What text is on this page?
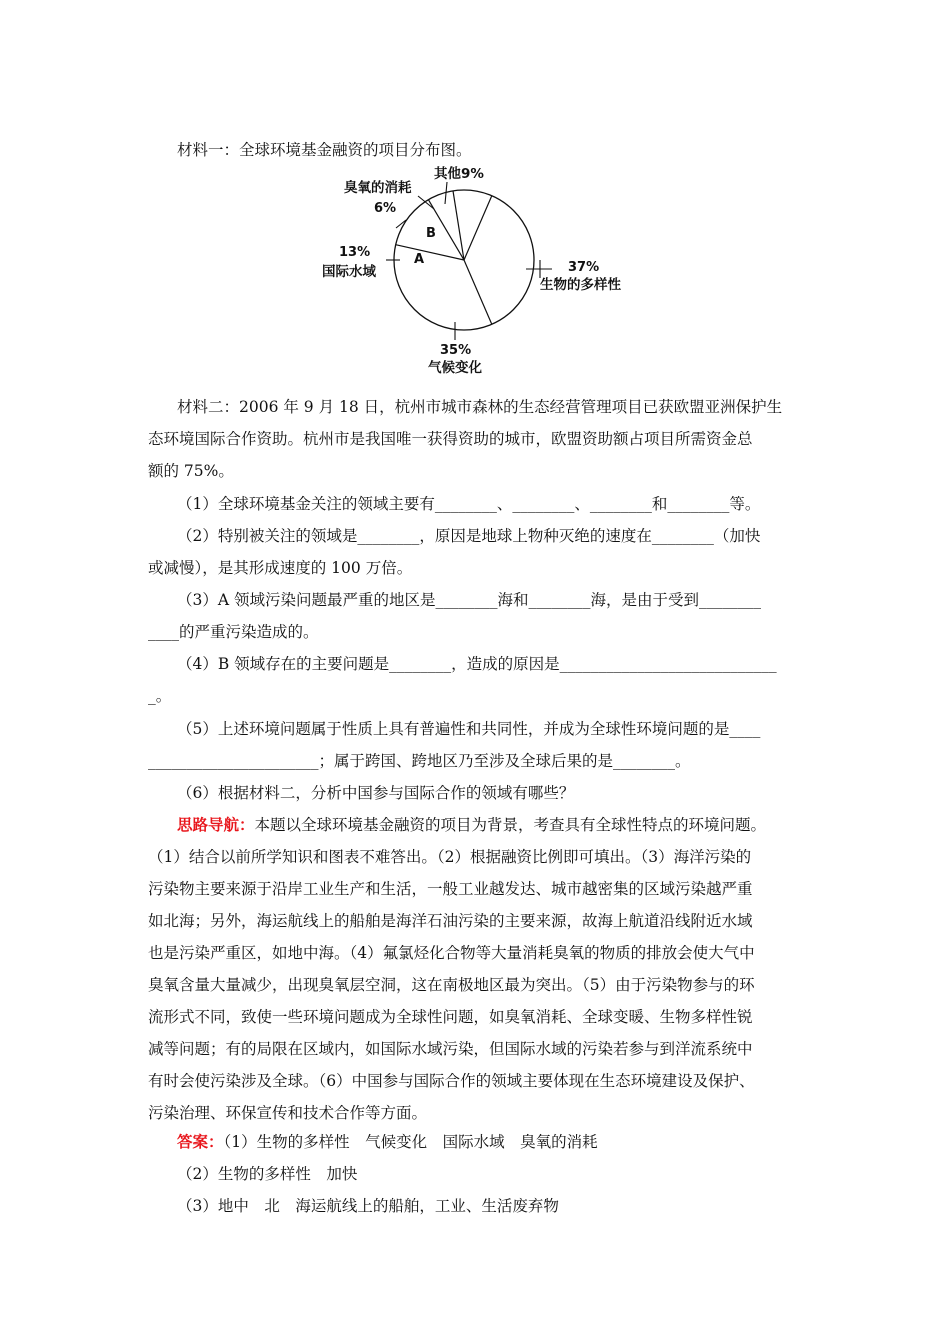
材料一：全球环境基金融资的项目分布图。
臭氧的消耗
其他9%
6%
13%
国际水域	37%
生物的多样性
35%
气候变化
B
A
材料二：2006 年 9 月 18 日，杭州市城市森林的生态经营管理项目已获欧盟亚洲保护生
态环境国际合作资助。杭州市是我国唯一获得资助的城市，欧盟资助额占项目所需资金总
额的 75%。
（1）全球环境基金关注的领域主要有________、________、________和________等。
（2）特别被关注的领域是________，原因是地球上物种灭绝的速度在________（加快
或减慢），是其形成速度的 100 万倍。
（3）A 领域污染问题最严重的地区是________海和________海，是由于受到________
____的严重污染造成的。
（4）B 领域存在的主要问题是________，造成的原因是____________________________
_。
（5）上述环境问题属于性质上具有普遍性和共同性，并成为全球性环境问题的是____
______________________；属于跨国、跨地区乃至涉及全球后果的是________。
（6）根据材料二，分析中国参与国际合作的领域有哪些？
思路导航：本题以全球环境基金融资的项目为背景，考查具有全球性特点的环境问题。
（1）结合以前所学知识和图表不难答出。（2）根据融资比例即可填出。（3）海洋污染的
污染物主要来源于沿岸工业生产和生活，一般工业越发达、城市越密集的区域污染越严重
如北海；另外，海运航线上的船舶是海洋石油污染的主要来源，故海上航道沿线附近水域
也是污染严重区，如地中海。（4）氟氯烃化合物等大量消耗臭氧的物质的排放会使大气中
臭氧含量大量减少，出现臭氧层空洞，这在南极地区最为突出。（5）由于污染物参与的环
流形式不同，致使一些环境问题成为全球性问题，如臭氧消耗、全球变暖、生物多样性锐
减等问题；有的局限在区域内，如国际水域污染，但国际水域的污染若参与到洋流系统中
有时会使污染涉及全球。（6）中国参与国际合作的领域主要体现在生态环境建设及保护、
污染治理、环保宣传和技术合作等方面。
答案：（1）生物的多样性　气候变化　国际水域　臭氧的消耗
（2）生物的多样性　加快
（3）地中　北　海运航线上的船舶，工业、生活废弃物
